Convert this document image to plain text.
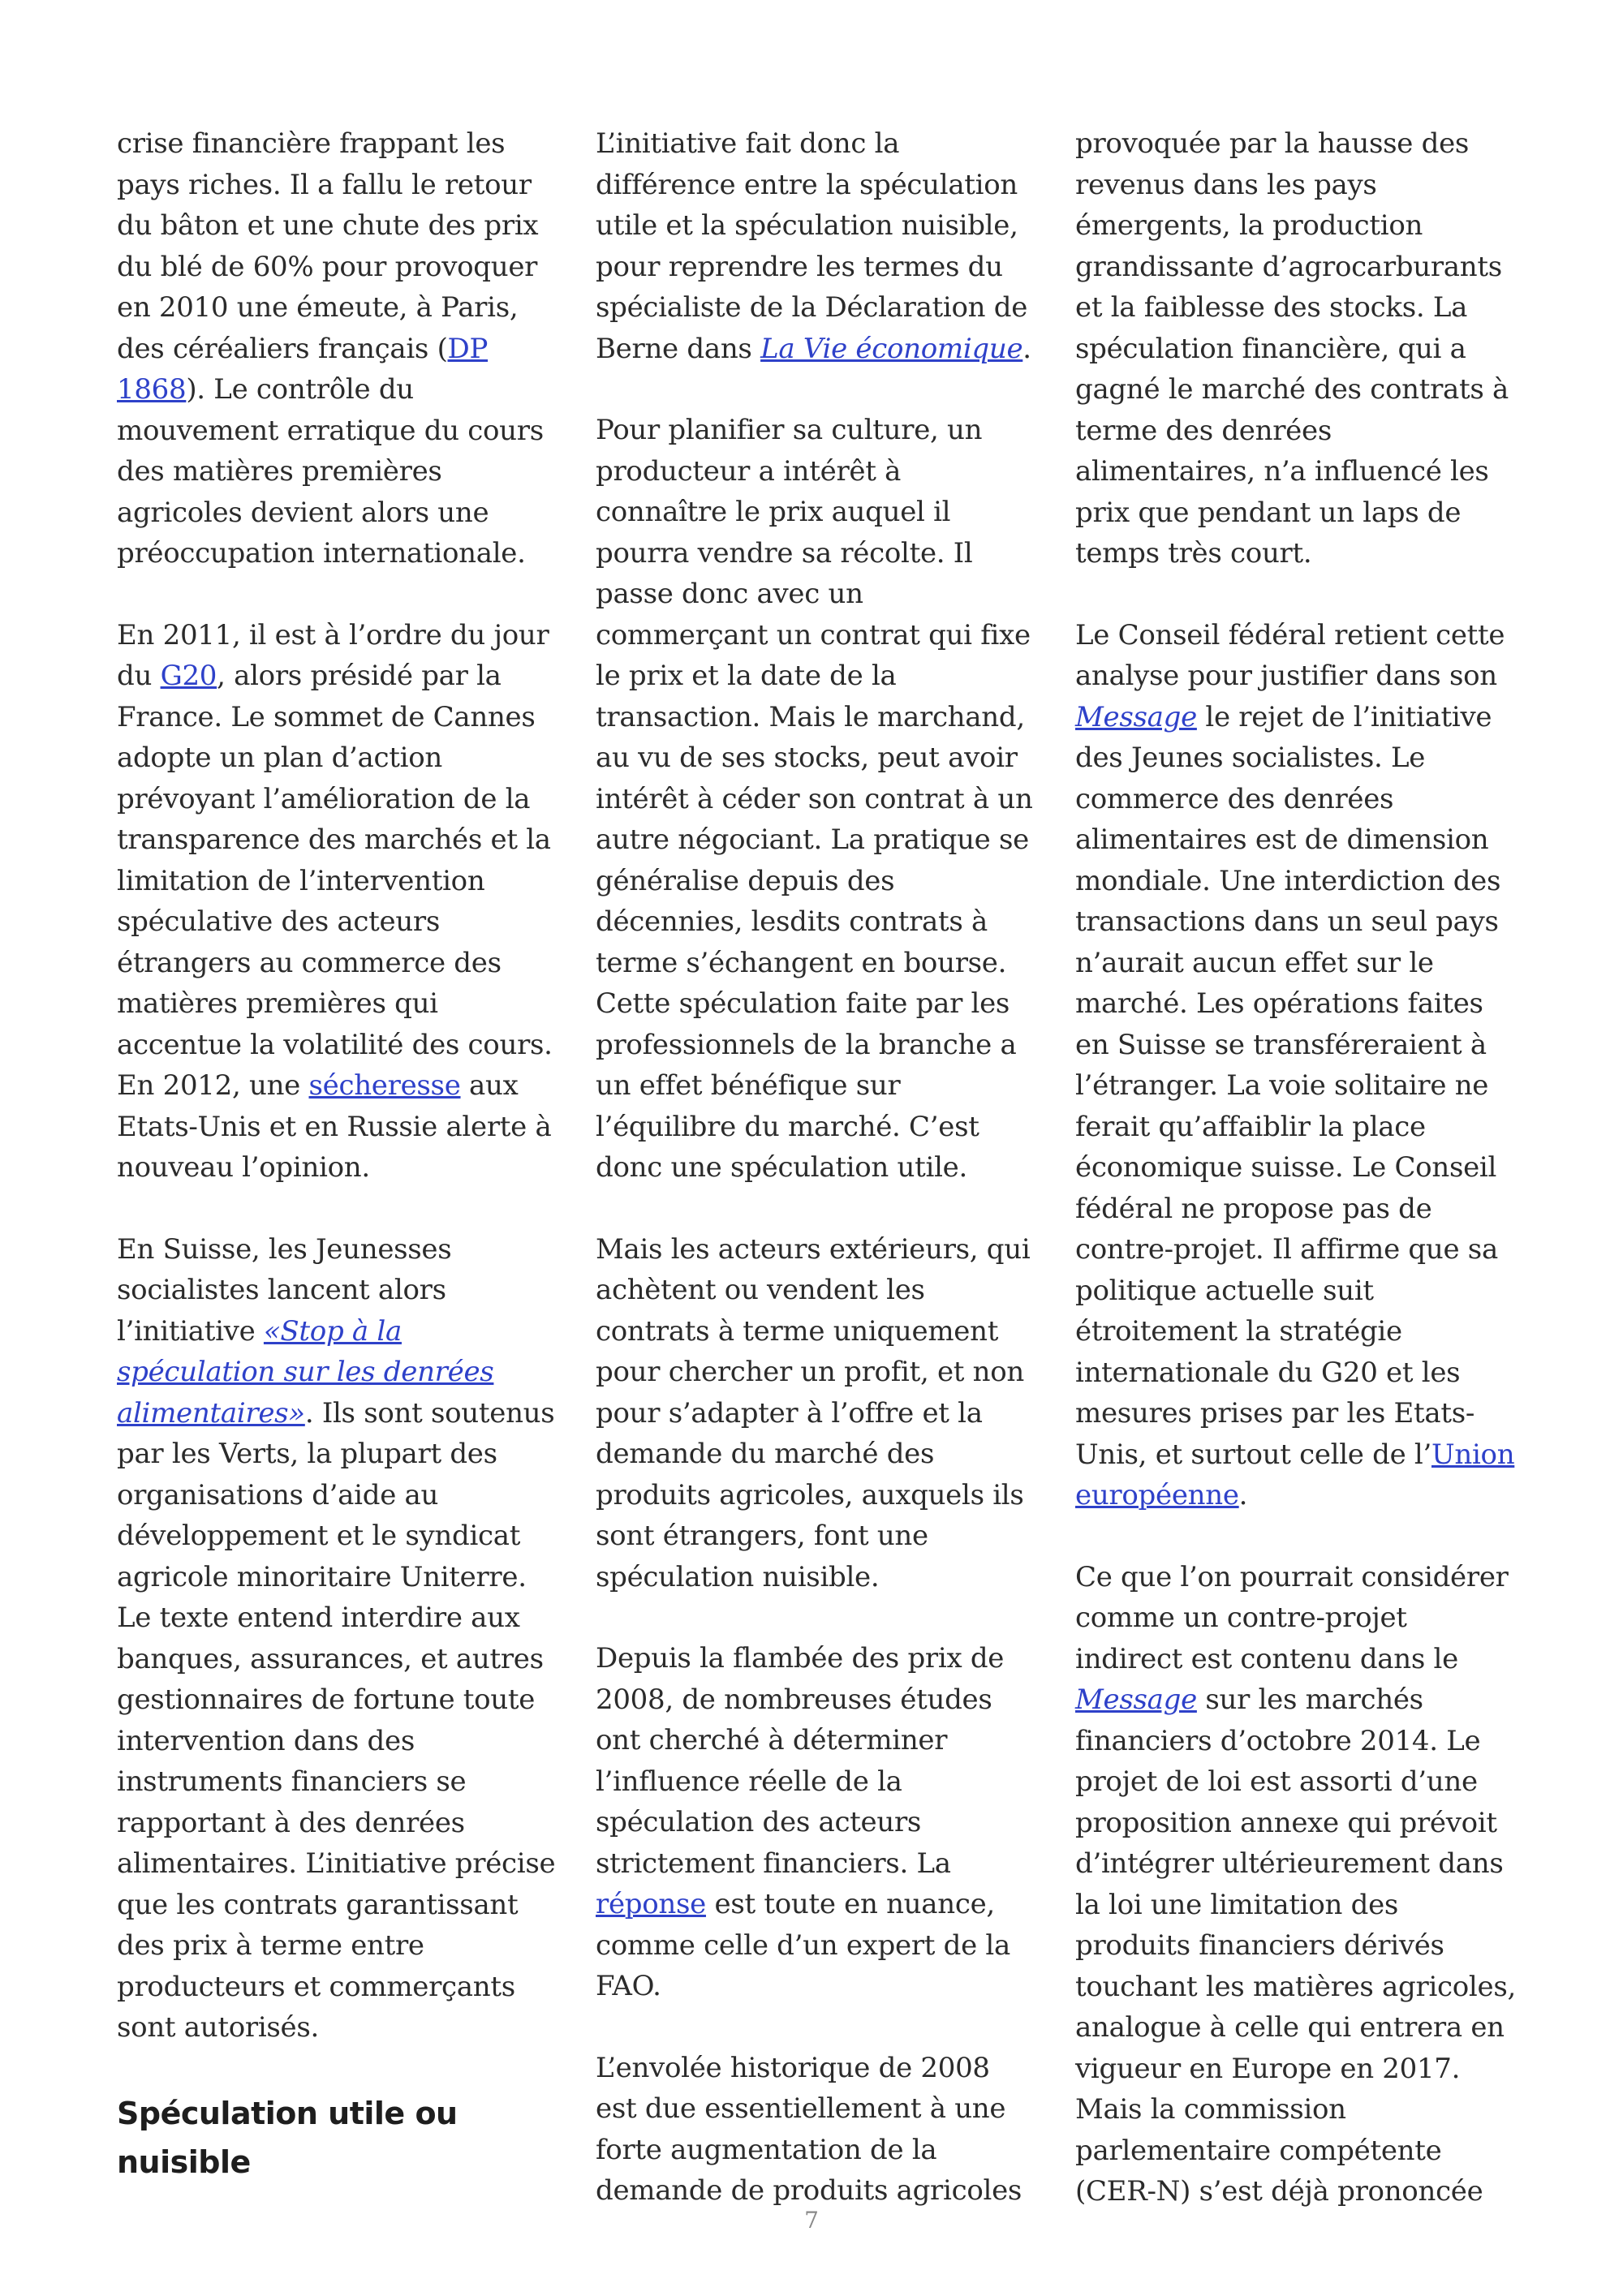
crise financière frappant les pays riches. Il a fallu le retour du bâton et une chute des prix du blé de 60% pour provoquer en 2010 une émeute, à Paris, des céréaliers français (DP 1868). Le contrôle du mouvement erratique du cours des matières premières agricoles devient alors une préoccupation internationale.

En 2011, il est à l’ordre du jour du G20, alors présidé par la France. Le sommet de Cannes adopte un plan d’action prévoyant l’amélioration de la transparence des marchés et la limitation de l’intervention spéculative des acteurs étrangers au commerce des matières premières qui accentue la volatilité des cours. En 2012, une sécheresse aux Etats-Unis et en Russie alerte à nouveau l’opinion.

En Suisse, les Jeunesses socialistes lancent alors l’initiative «Stop à la spéculation sur les denrées alimentaires». Ils sont soutenus par les Verts, la plupart des organisations d’aide au développement et le syndicat agricole minoritaire Uniterre. Le texte entend interdire aux banques, assurances, et autres gestionnaires de fortune toute intervention dans des instruments financiers se rapportant à des denrées alimentaires. L’initiative précise que les contrats garantissant des prix à terme entre producteurs et commerçants sont autorisés.

Spéculation utile ou nuisible

L’initiative fait donc la différence entre la spéculation utile et la spéculation nuisible, pour reprendre les termes du spécialiste de la Déclaration de Berne dans La Vie économique.

Pour planifier sa culture, un producteur a intérêt à connaître le prix auquel il pourra vendre sa récolte. Il passe donc avec un commerçant un contrat qui fixe le prix et la date de la transaction. Mais le marchand, au vu de ses stocks, peut avoir intérêt à céder son contrat à un autre négociant. La pratique se généralise depuis des décennies, lesdits contrats à terme s’échangent en bourse. Cette spéculation faite par les professionnels de la branche a un effet bénéfique sur l’équilibre du marché. C’est donc une spéculation utile.

Mais les acteurs extérieurs, qui achètent ou vendent les contrats à terme uniquement pour chercher un profit, et non pour s’adapter à l’offre et la demande du marché des produits agricoles, auxquels ils sont étrangers, font une spéculation nuisible.

Depuis la flambée des prix de 2008, de nombreuses études ont cherché à déterminer l’influence réelle de la spéculation des acteurs strictement financiers. La réponse est toute en nuance, comme celle d’un expert de la FAO.

L’envolée historique de 2008 est due essentiellement à une forte augmentation de la demande de produits agricoles

provoquée par la hausse des revenus dans les pays émergents, la production grandissante d’agrocarburants et la faiblesse des stocks. La spéculation financière, qui a gagné le marché des contrats à terme des denrées alimentaires, n’a influencé les prix que pendant un laps de temps très court.

Le Conseil fédéral retient cette analyse pour justifier dans son Message le rejet de l’initiative des Jeunes socialistes. Le commerce des denrées alimentaires est de dimension mondiale. Une interdiction des transactions dans un seul pays n’aurait aucun effet sur le marché. Les opérations faites en Suisse se transféreraient à l’étranger. La voie solitaire ne ferait qu’affaiblir la place économique suisse. Le Conseil fédéral ne propose pas de contre-projet. Il affirme que sa politique actuelle suit étroitement la stratégie internationale du G20 et les mesures prises par les Etats-Unis, et surtout celle de l’Union européenne.

Ce que l’on pourrait considérer comme un contre-projet indirect est contenu dans le Message sur les marchés financiers d’octobre 2014. Le projet de loi est assorti d’une proposition annexe qui prévoit d’intégrer ultérieurement dans la loi une limitation des produits financiers dérivés touchant les matières agricoles, analogue à celle qui entrera en vigueur en Europe en 2017. Mais la commission parlementaire compétente (CER-N) s’est déjà prononcée

7
